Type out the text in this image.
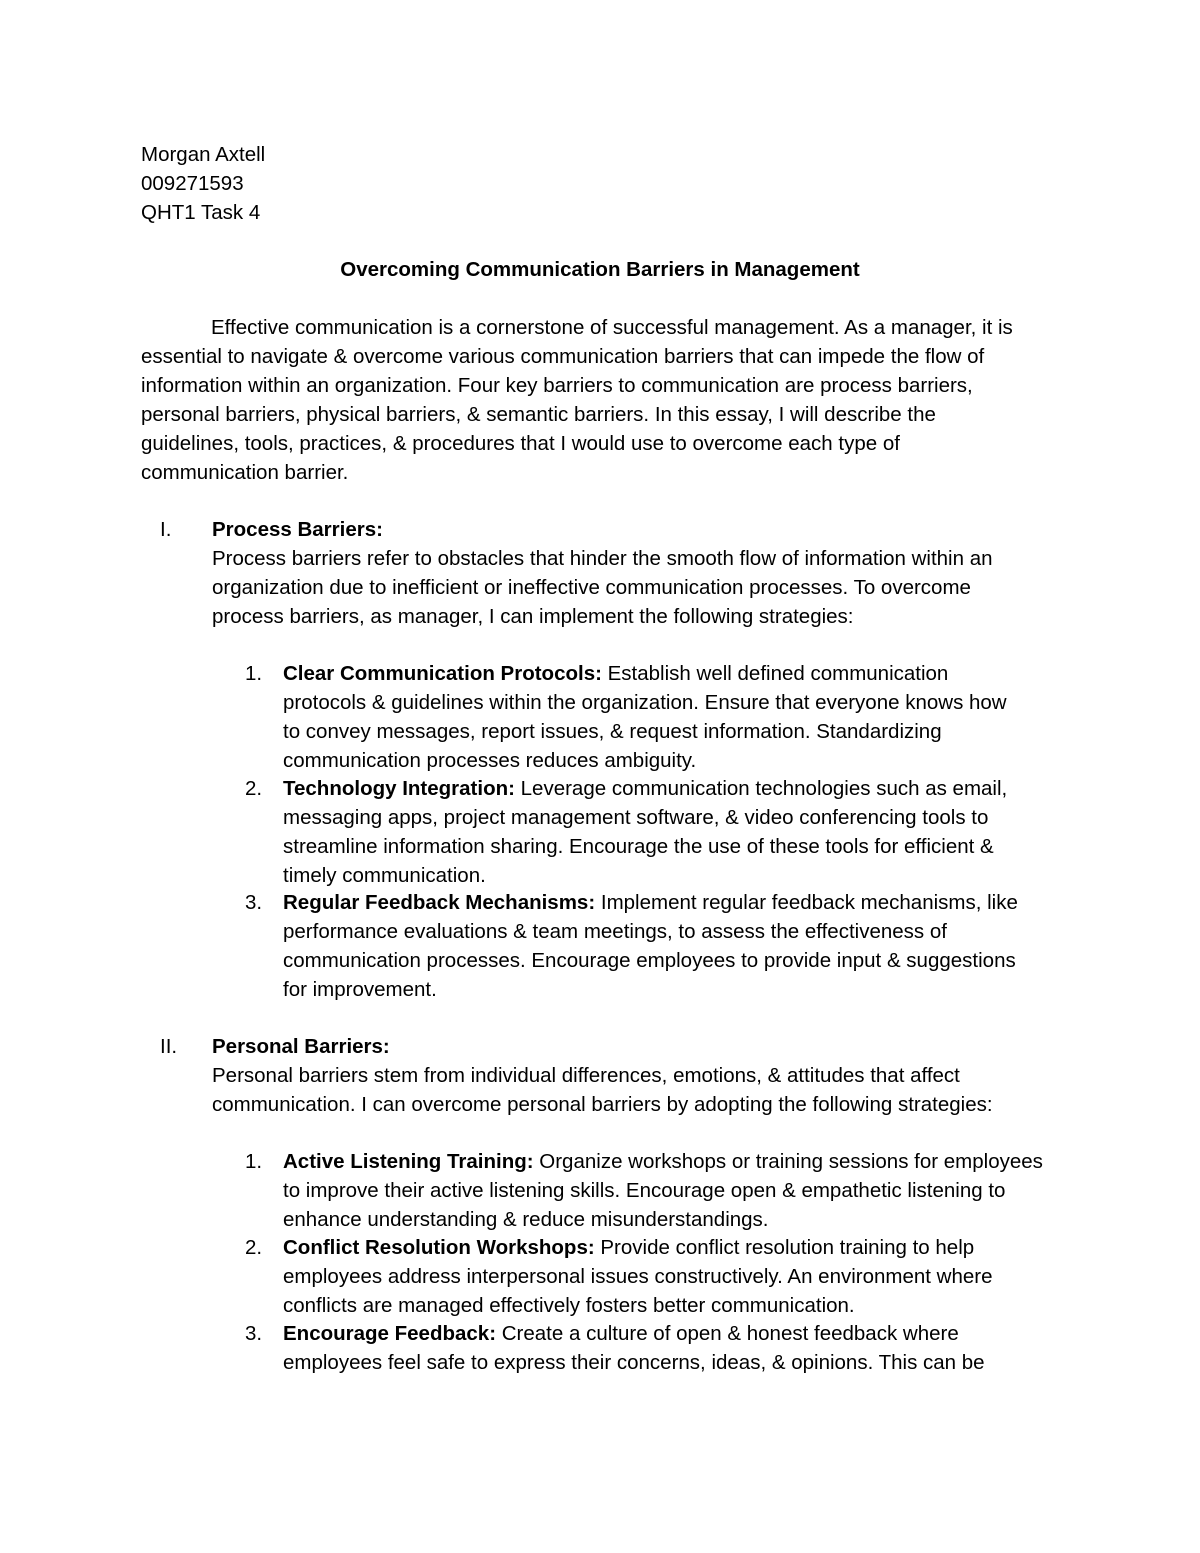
Morgan Axtell
009271593
QHT1 Task 4
Overcoming Communication Barriers in Management
Effective communication is a cornerstone of successful management. As a manager, it is
essential to navigate & overcome various communication barriers that can impede the flow of
information within an organization. Four key barriers to communication are process barriers,
personal barriers, physical barriers, & semantic barriers. In this essay, I will describe the
guidelines, tools, practices, & procedures that I would use to overcome each type of
communication barrier.
I. Process Barriers:
Process barriers refer to obstacles that hinder the smooth flow of information within an
organization due to inefficient or ineffective communication processes. To overcome
process barriers, as manager, I can implement the following strategies:
1. Clear Communication Protocols: Establish well defined communication
protocols & guidelines within the organization. Ensure that everyone knows how
to convey messages, report issues, & request information. Standardizing
communication processes reduces ambiguity.
2. Technology Integration: Leverage communication technologies such as email,
messaging apps, project management software, & video conferencing tools to
streamline information sharing. Encourage the use of these tools for efficient &
timely communication.
3. Regular Feedback Mechanisms: Implement regular feedback mechanisms, like
performance evaluations & team meetings, to assess the effectiveness of
communication processes. Encourage employees to provide input & suggestions
for improvement.
II. Personal Barriers:
Personal barriers stem from individual differences, emotions, & attitudes that affect
communication. I can overcome personal barriers by adopting the following strategies:
1. Active Listening Training: Organize workshops or training sessions for employees
to improve their active listening skills. Encourage open & empathetic listening to
enhance understanding & reduce misunderstandings.
2. Conflict Resolution Workshops: Provide conflict resolution training to help
employees address interpersonal issues constructively. An environment where
conflicts are managed effectively fosters better communication.
3. Encourage Feedback: Create a culture of open & honest feedback where
employees feel safe to express their concerns, ideas, & opinions. This can be
